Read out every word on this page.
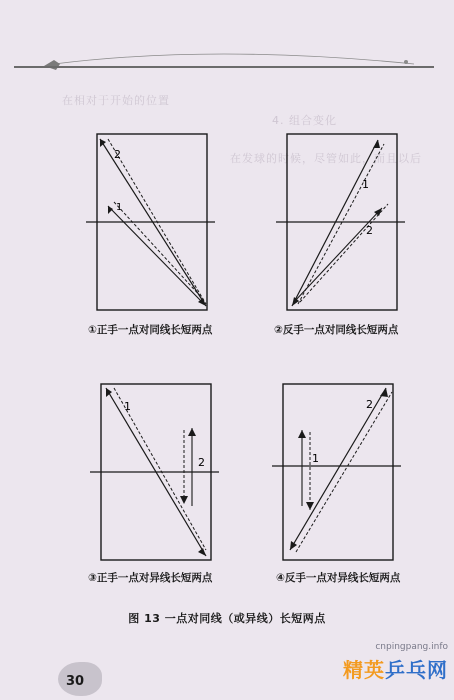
在相对于开始的位置
4. 组合变化
在发球的时候，尽管如此，而且以后
2
1
①正手一点对同线长短两点
1
2
②反手一点对同线长短两点
1
2
③正手一点对异线长短两点
2
1
④反手一点对异线长短两点
图 13 一点对同线（或异线）长短两点
30
cnpingpang.info
精英乒乓网
